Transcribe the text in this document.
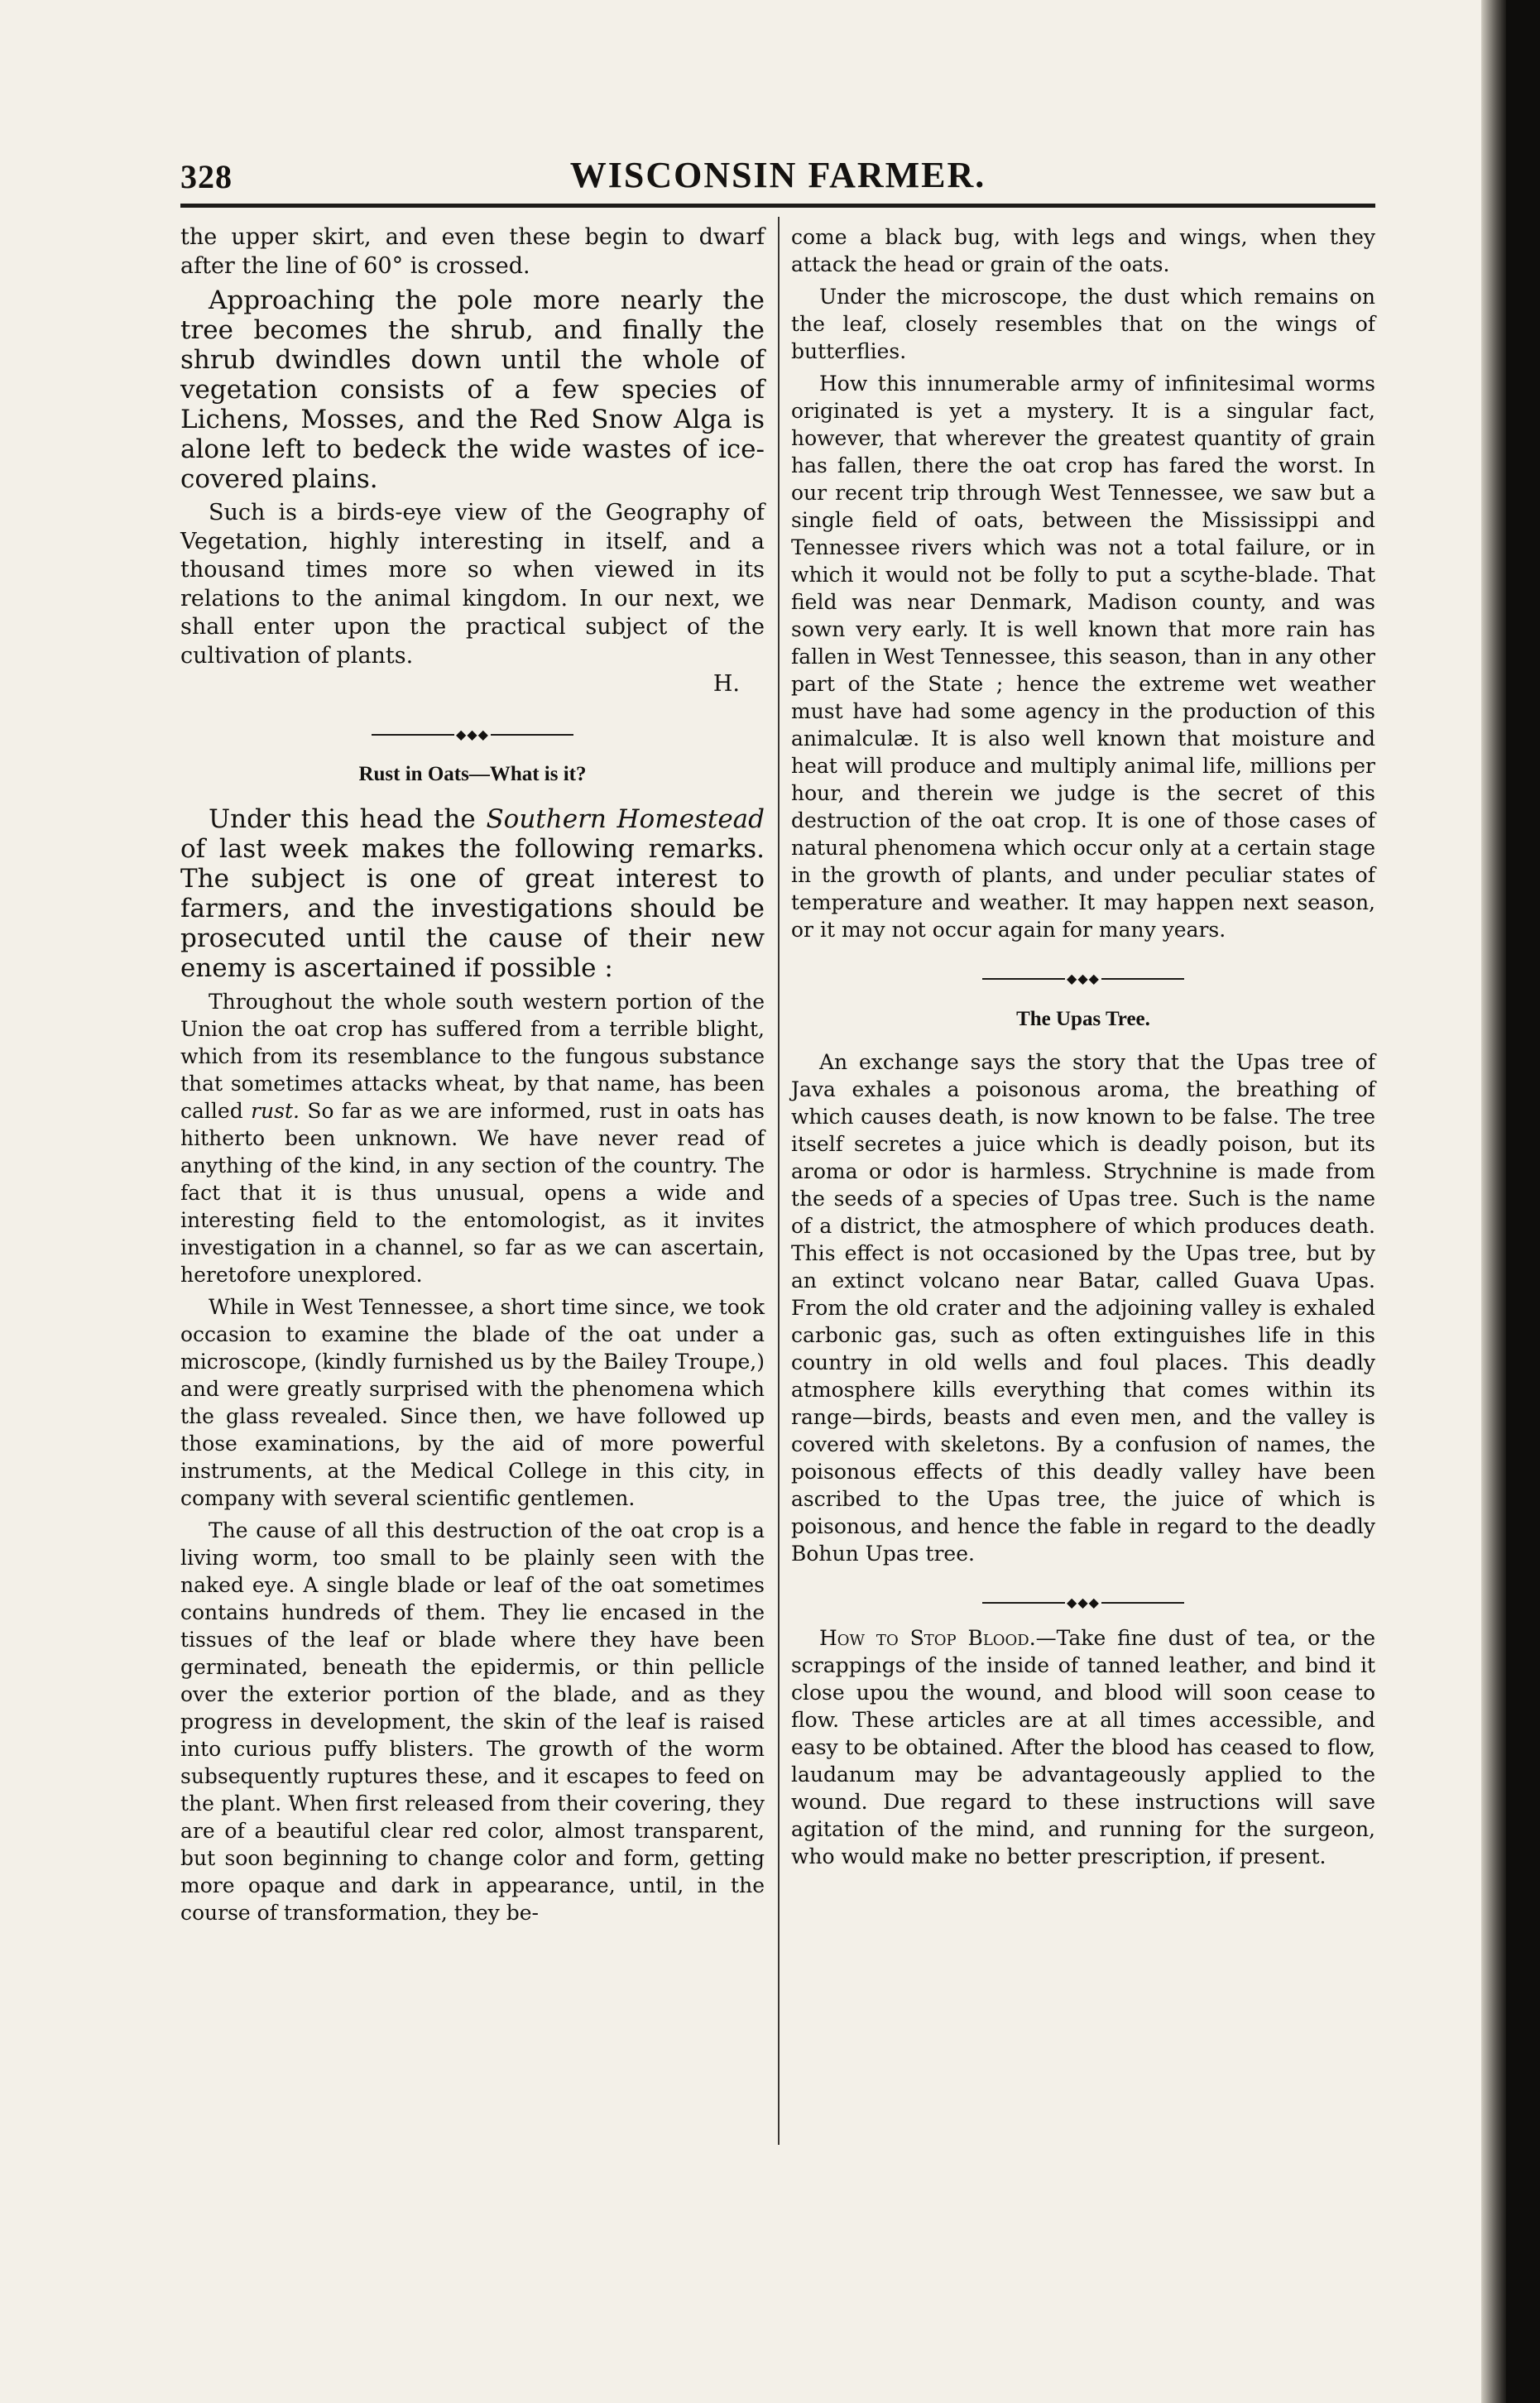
328	WISCONSIN FARMER.

the upper skirt, and even these begin to dwarf after the line of 60° is crossed.

Approaching the pole more nearly the tree becomes the shrub, and finally the shrub dwindles down until the whole of vegetation consists of a few species of Lichens, Mosses, and the Red Snow Alga is alone left to bedeck the wide wastes of ice-covered plains.

Such is a birds-eye view of the Geography of Vegetation, highly interesting in itself, and a thousand times more so when viewed in its relations to the animal kingdom. In our next, we shall enter upon the practical subject of the cultivation of plants.

H.
◆◆◆
Rust in Oats—What is it?

Under this head the Southern Homestead of last week makes the following remarks. The subject is one of great interest to farmers, and the investigations should be prosecuted until the cause of their new enemy is ascertained if possible :

Throughout the whole south western portion of the Union the oat crop has suffered from a terrible blight, which from its resemblance to the fungous substance that sometimes attacks wheat, by that name, has been called rust. So far as we are informed, rust in oats has hitherto been unknown. We have never read of anything of the kind, in any section of the country. The fact that it is thus unusual, opens a wide and interesting field to the entomologist, as it invites investigation in a channel, so far as we can ascertain, heretofore unexplored.

While in West Tennessee, a short time since, we took occasion to examine the blade of the oat under a microscope, (kindly furnished us by the Bailey Troupe,) and were greatly surprised with the phenomena which the glass revealed. Since then, we have followed up those examinations, by the aid of more powerful instruments, at the Medical College in this city, in company with several scientific gentlemen.

The cause of all this destruction of the oat crop is a living worm, too small to be plainly seen with the naked eye. A single blade or leaf of the oat sometimes contains hundreds of them. They lie encased in the tissues of the leaf or blade where they have been germinated, beneath the epidermis, or thin pellicle over the exterior portion of the blade, and as they progress in development, the skin of the leaf is raised into curious puffy blisters. The growth of the worm subsequently ruptures these, and it escapes to feed on the plant. When first released from their covering, they are of a beautiful clear red color, almost transparent, but soon beginning to change color and form, getting more opaque and dark in appearance, until, in the course of transformation, they be-

come a black bug, with legs and wings, when they attack the head or grain of the oats.

Under the microscope, the dust which remains on the leaf, closely resembles that on the wings of butterflies.

How this innumerable army of infinitesimal worms originated is yet a mystery. It is a singular fact, however, that wherever the greatest quantity of grain has fallen, there the oat crop has fared the worst. In our recent trip through West Tennessee, we saw but a single field of oats, between the Mississippi and Tennessee rivers which was not a total failure, or in which it would not be folly to put a scythe-blade. That field was near Denmark, Madison county, and was sown very early. It is well known that more rain has fallen in West Tennessee, this season, than in any other part of the State ; hence the extreme wet weather must have had some agency in the production of this animalculæ. It is also well known that moisture and heat will produce and multiply animal life, millions per hour, and therein we judge is the secret of this destruction of the oat crop. It is one of those cases of natural phenomena which occur only at a certain stage in the growth of plants, and under peculiar states of temperature and weather. It may happen next season, or it may not occur again for many years.

◆◆◆
The Upas Tree.

An exchange says the story that the Upas tree of Java exhales a poisonous aroma, the breathing of which causes death, is now known to be false. The tree itself secretes a juice which is deadly poison, but its aroma or odor is harmless. Strychnine is made from the seeds of a species of Upas tree. Such is the name of a district, the atmosphere of which produces death. This effect is not occasioned by the Upas tree, but by an extinct volcano near Batar, called Guava Upas. From the old crater and the adjoining valley is exhaled carbonic gas, such as often extinguishes life in this country in old wells and foul places. This deadly atmosphere kills everything that comes within its range—birds, beasts and even men, and the valley is covered with skeletons. By a confusion of names, the poisonous effects of this deadly valley have been ascribed to the Upas tree, the juice of which is poisonous, and hence the fable in regard to the deadly Bohun Upas tree.

◆◆◆

How to Stop Blood.—Take fine dust of tea, or the scrappings of the inside of tanned leather, and bind it close upou the wound, and blood will soon cease to flow. These articles are at all times accessible, and easy to be obtained. After the blood has ceased to flow, laudanum may be advantageously applied to the wound. Due regard to these instructions will save agitation of the mind, and running for the surgeon, who would make no better prescription, if present.
